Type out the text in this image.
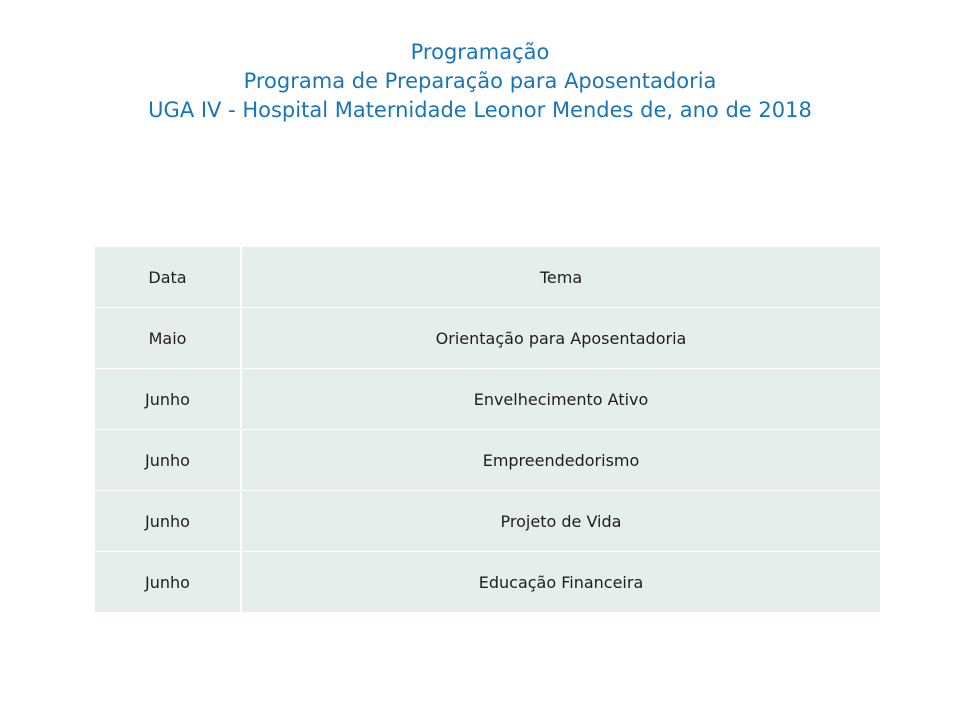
Programação
Programa de Preparação para Aposentadoria
UGA IV - Hospital Maternidade Leonor Mendes de, ano de 2018
Data	Tema
Maio	Orientação para Aposentadoria
Junho	Envelhecimento Ativo
Junho	Empreendedorismo
Junho	Projeto de Vida
Junho	Educação Financeira
